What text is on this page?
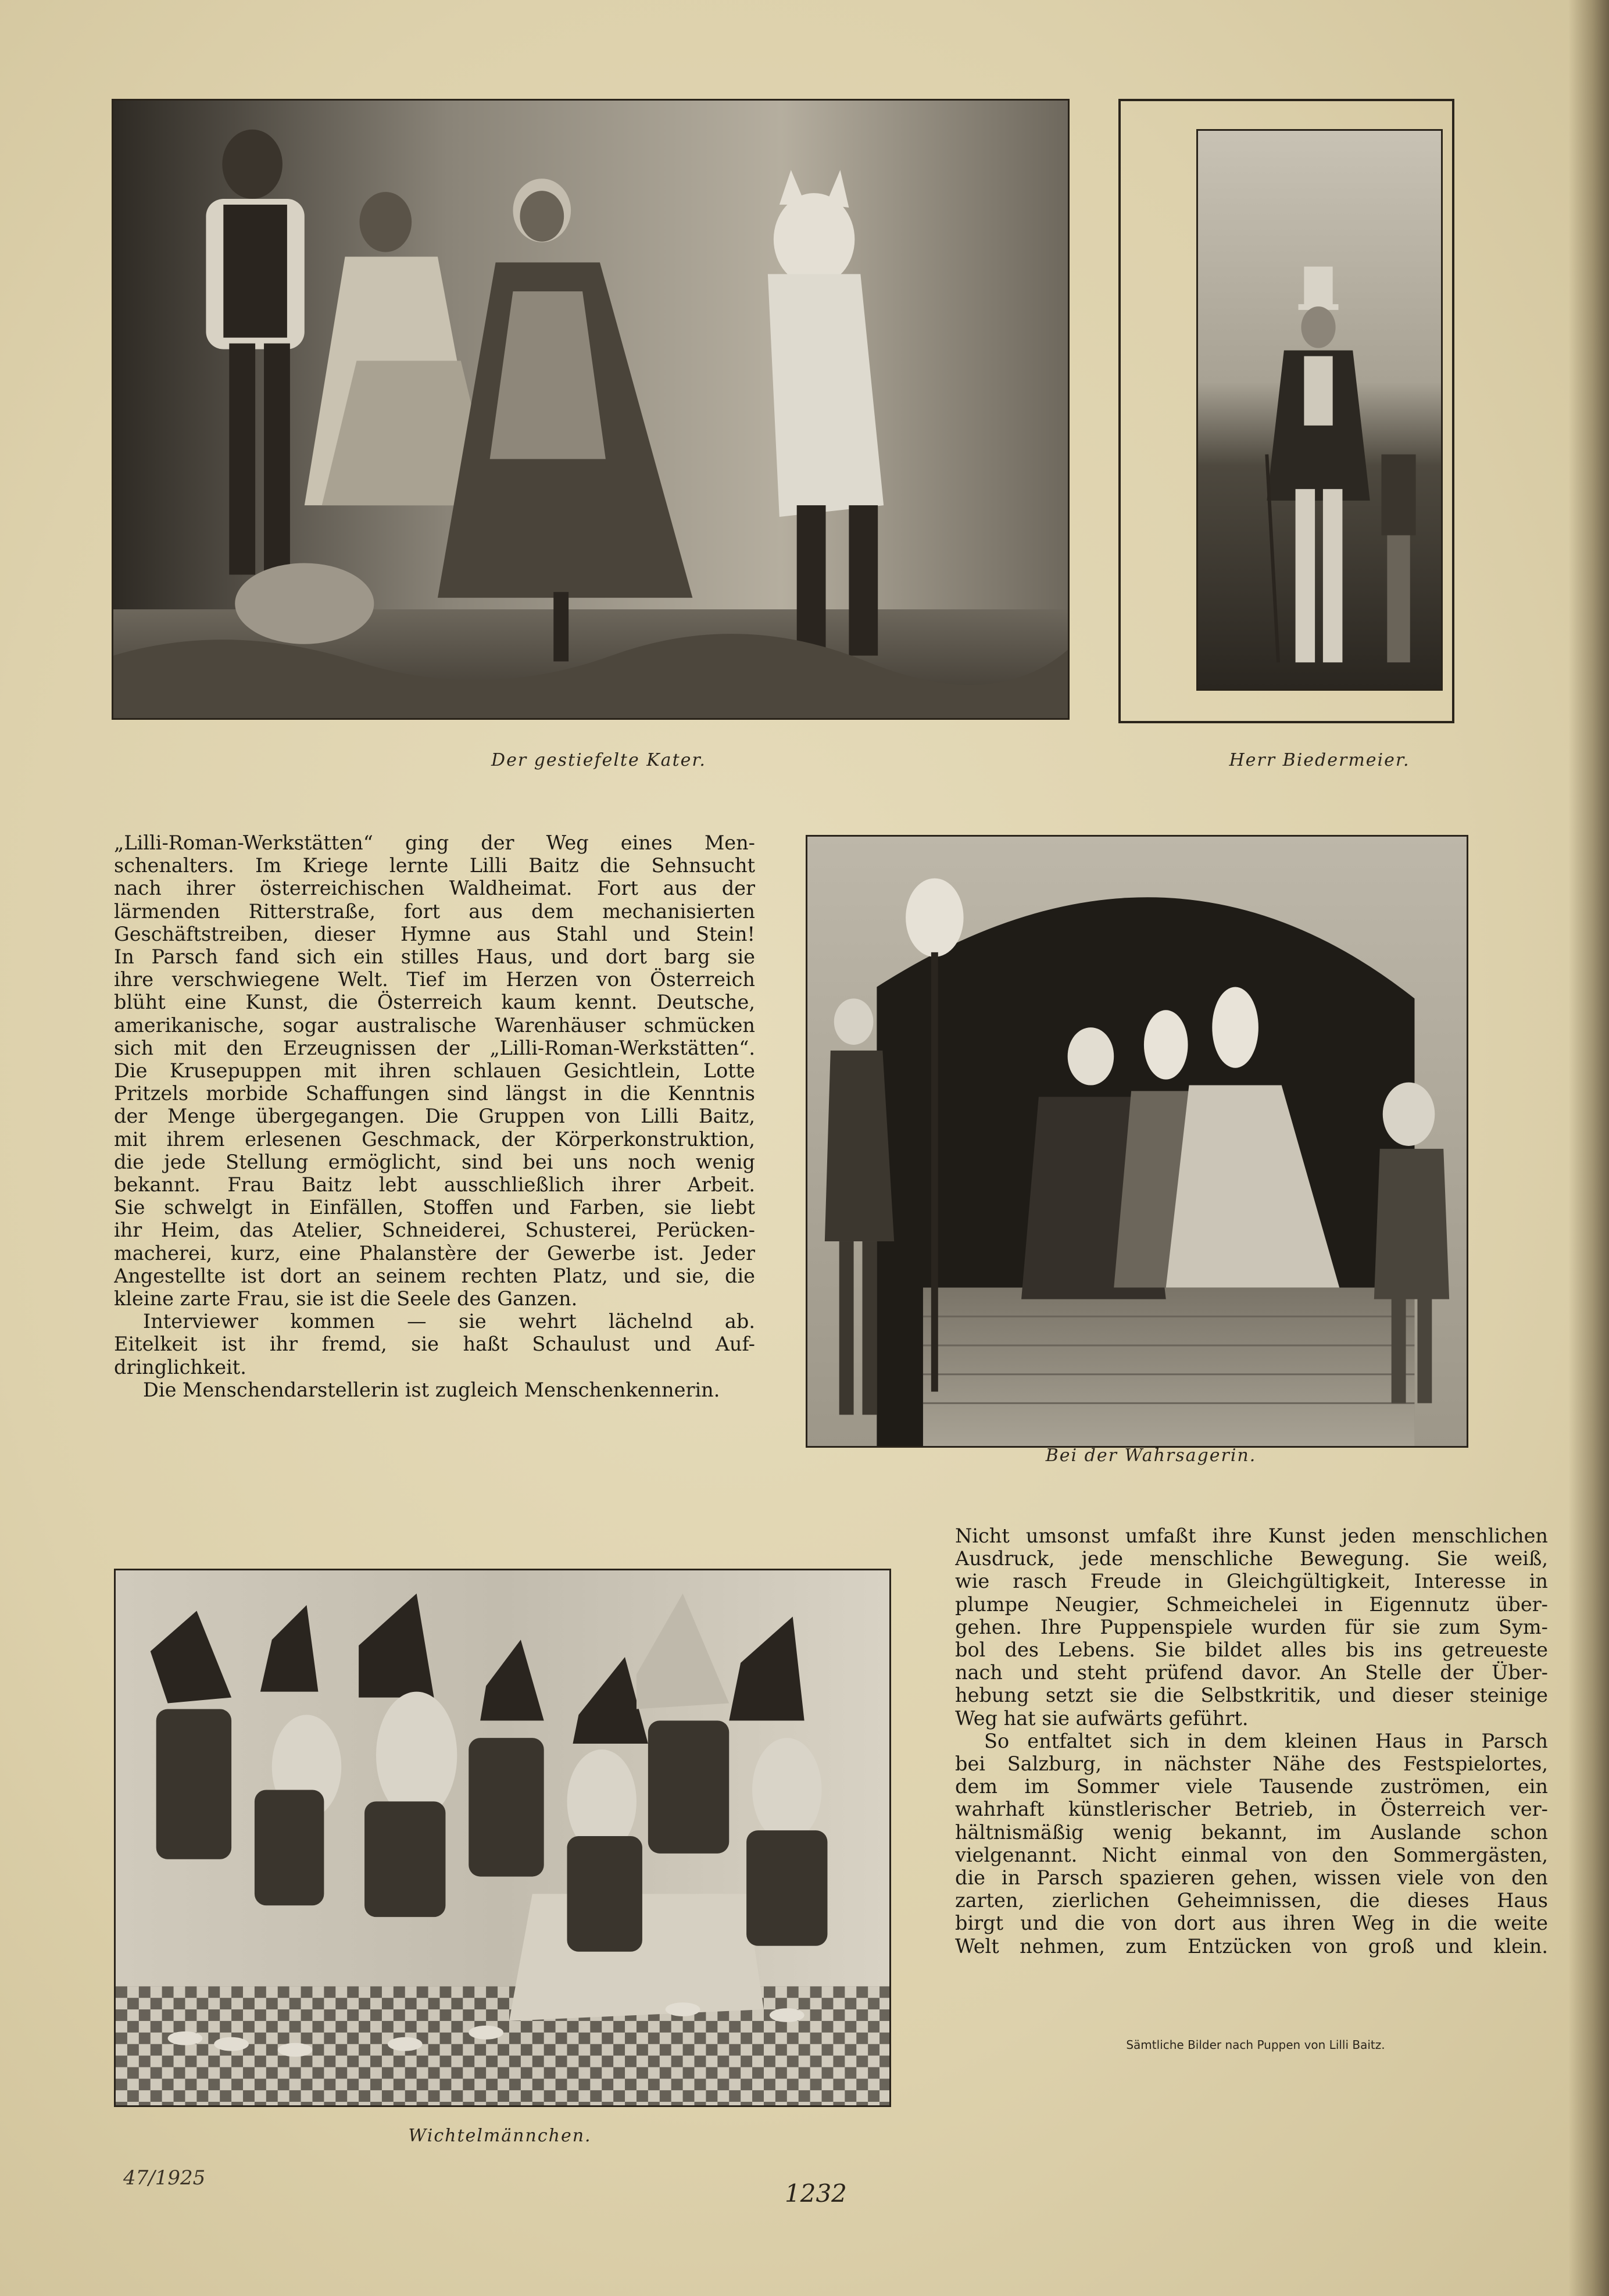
Der gestiefelte Kater.	Herr Biedermeier.
Bei der Wahrsagerin.
„Lilli-Roman-Werkstätten“ ging der Weg eines Men-
schenalters. Im Kriege lernte Lilli Baitz die Sehnsucht
nach ihrer österreichischen Waldheimat. Fort aus der
lärmenden Ritterstraße, fort aus dem mechanisierten
Geschäftstreiben, dieser Hymne aus Stahl und Stein!
In Parsch fand sich ein stilles Haus, und dort barg sie
ihre verschwiegene Welt. Tief im Herzen von Österreich
blüht eine Kunst, die Österreich kaum kennt. Deutsche,
amerikanische, sogar australische Warenhäuser schmücken
sich mit den Erzeugnissen der „Lilli-Roman-Werkstätten“.
Die Krusepuppen mit ihren schlauen Gesichtlein, Lotte
Pritzels morbide Schaffungen sind längst in die Kenntnis
der Menge übergegangen. Die Gruppen von Lilli Baitz,
mit ihrem erlesenen Geschmack, der Körperkonstruktion,
die jede Stellung ermöglicht, sind bei uns noch wenig
bekannt. Frau Baitz lebt ausschließlich ihrer Arbeit.
Sie schwelgt in Einfällen, Stoffen und Farben, sie liebt
ihr Heim, das Atelier, Schneiderei, Schusterei, Perücken-
macherei, kurz, eine Phalanstère der Gewerbe ist. Jeder
Angestellte ist dort an seinem rechten Platz, und sie, die
kleine zarte Frau, sie ist die Seele des Ganzen.
Interviewer kommen — sie wehrt lächelnd ab.
Eitelkeit ist ihr fremd, sie haßt Schaulust und Auf-
dringlichkeit.
Die Menschendarstellerin ist zugleich Menschenkennerin.
Wichtelmännchen.
Nicht umsonst umfaßt ihre Kunst jeden menschlichen
Ausdruck, jede menschliche Bewegung. Sie weiß,
wie rasch Freude in Gleichgültigkeit, Interesse in
plumpe Neugier, Schmeichelei in Eigennutz über-
gehen. Ihre Puppenspiele wurden für sie zum Sym-
bol des Lebens. Sie bildet alles bis ins getreueste
nach und steht prüfend davor. An Stelle der Über-
hebung setzt sie die Selbstkritik, und dieser steinige
Weg hat sie aufwärts geführt.
So entfaltet sich in dem kleinen Haus in Parsch
bei Salzburg, in nächster Nähe des Festspielortes,
dem im Sommer viele Tausende zuströmen, ein
wahrhaft künstlerischer Betrieb, in Österreich ver-
hältnismäßig wenig bekannt, im Auslande schon
vielgenannt. Nicht einmal von den Sommergästen,
die in Parsch spazieren gehen, wissen viele von den
zarten, zierlichen Geheimnissen, die dieses Haus
birgt und die von dort aus ihren Weg in die weite
Welt nehmen, zum Entzücken von groß und klein.
Sämtliche Bilder nach Puppen von Lilli Baitz.
47/1925
1232
